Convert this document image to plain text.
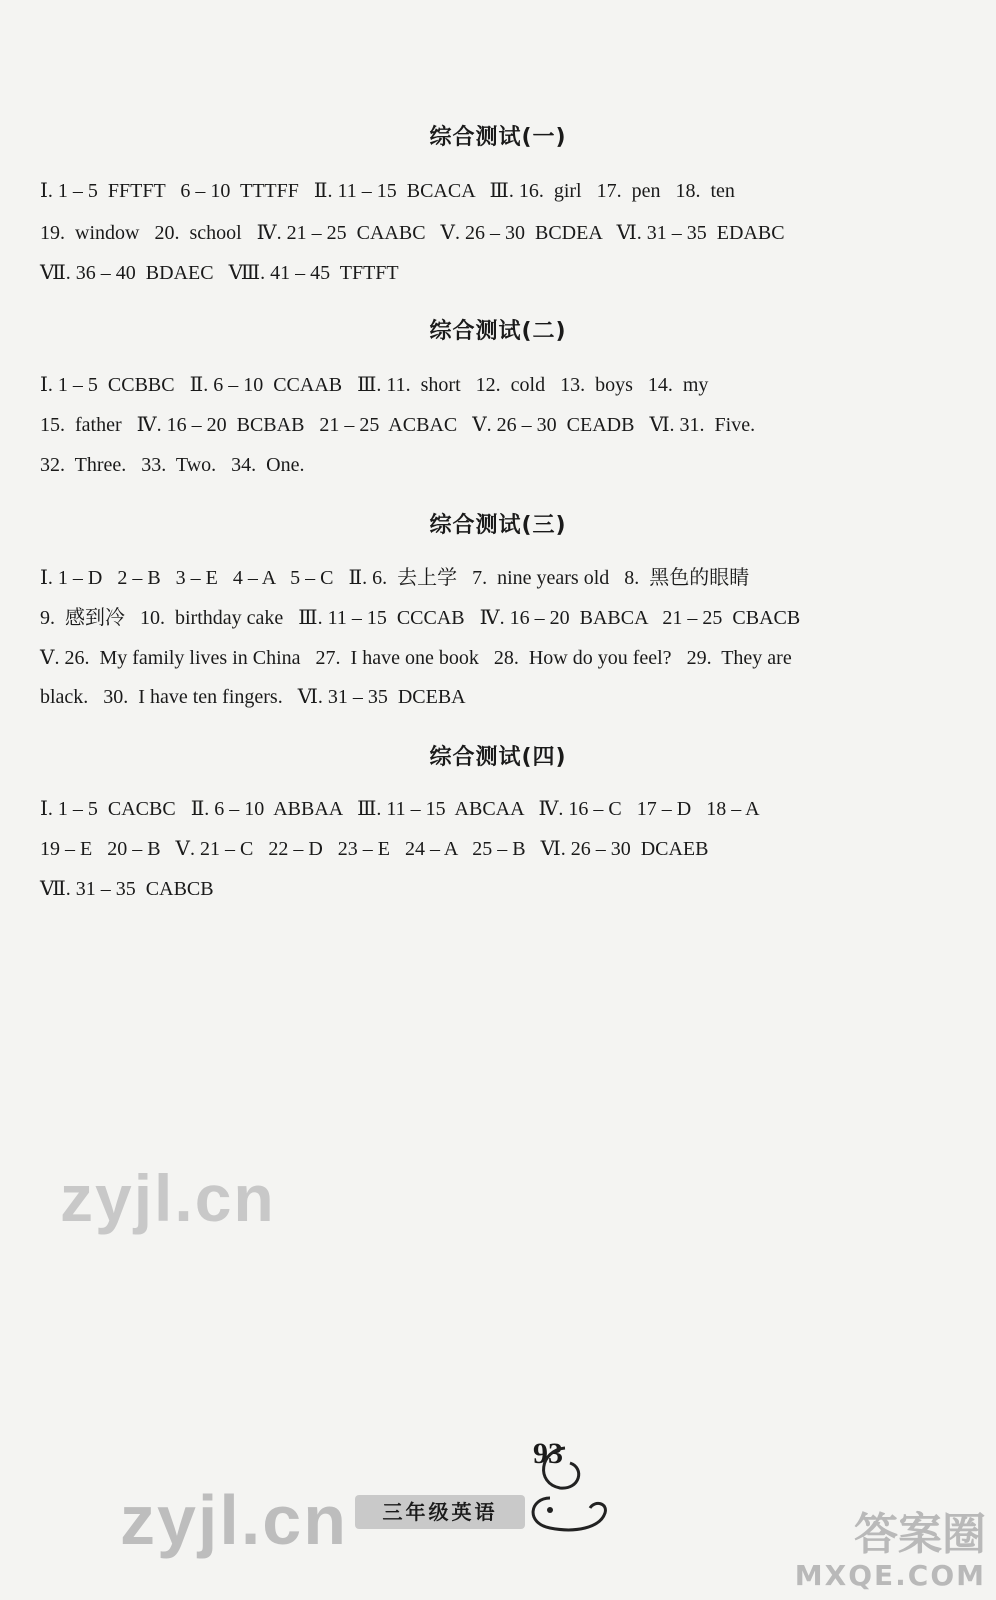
综合测试(一)
Ⅰ. 1 – 5  FFTFT   6 – 10  TTTFF   Ⅱ. 11 – 15  BCACA   Ⅲ. 16.  girl   17.  pen   18.  ten
19.  window   20.  school   Ⅳ. 21 – 25  CAABC   Ⅴ. 26 – 30  BCDEA   Ⅵ. 31 – 35  EDABC
Ⅶ. 36 – 40  BDAEC   Ⅷ. 41 – 45  TFTFT
综合测试(二)
Ⅰ. 1 – 5  CCBBC   Ⅱ. 6 – 10  CCAAB   Ⅲ. 11.  short   12.  cold   13.  boys   14.  my
15.  father   Ⅳ. 16 – 20  BCBAB   21 – 25  ACBAC   Ⅴ. 26 – 30  CEADB   Ⅵ. 31.  Five.
32.  Three.   33.  Two.   34.  One.
综合测试(三)
Ⅰ. 1 – D   2 – B   3 – E   4 – A   5 – C   Ⅱ. 6.  去上学   7.  nine years old   8.  黑色的眼睛
9.  感到冷   10.  birthday cake   Ⅲ. 11 – 15  CCCAB   Ⅳ. 16 – 20  BABCA   21 – 25  CBACB
Ⅴ. 26.  My family lives in China   27.  I have one book   28.  How do you feel?   29.  They are
black.   30.  I have ten fingers.   Ⅵ. 31 – 35  DCEBA
综合测试(四)
Ⅰ. 1 – 5  CACBC   Ⅱ. 6 – 10  ABBAA   Ⅲ. 11 – 15  ABCAA   Ⅳ. 16 – C   17 – D   18 – A
19 – E   20 – B   Ⅴ. 21 – C   22 – D   23 – E   24 – A   25 – B   Ⅵ. 26 – 30  DCAEB
Ⅶ. 31 – 35  CABCB
zyjl.cn
93
三年级英语
zyjl.cn	答案圈
MXQE.COM
